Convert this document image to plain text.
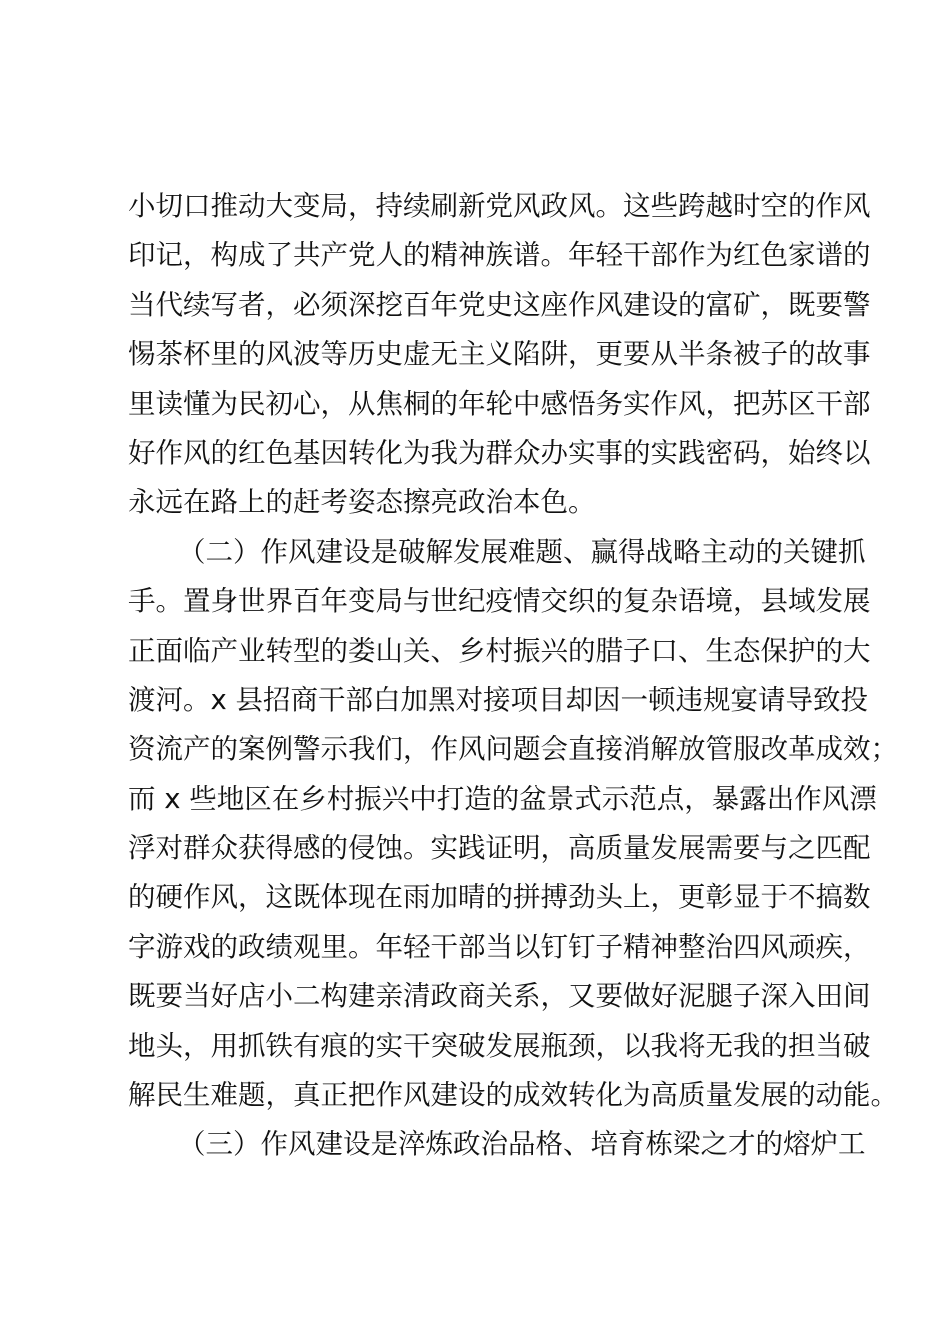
小切口推动大变局，持续刷新党风政风。这些跨越时空的作风
印记，构成了共产党人的精神族谱。年轻干部作为红色家谱的
当代续写者，必须深挖百年党史这座作风建设的富矿，既要警
惕茶杯里的风波等历史虚无主义陷阱，更要从半条被子的故事
里读懂为民初心，从焦桐的年轮中感悟务实作风，把苏区干部
好作风的红色基因转化为我为群众办实事的实践密码，始终以
永远在路上的赶考姿态擦亮政治本色。
（二）作风建设是破解发展难题、赢得战略主动的关键抓
手。置身世界百年变局与世纪疫情交织的复杂语境，县域发展
正面临产业转型的娄山关、乡村振兴的腊子口、生态保护的大
渡河。x 县招商干部白加黑对接项目却因一顿违规宴请导致投
资流产的案例警示我们，作风问题会直接消解放管服改革成效；
而 x 些地区在乡村振兴中打造的盆景式示范点，暴露出作风漂
浮对群众获得感的侵蚀。实践证明，高质量发展需要与之匹配
的硬作风，这既体现在雨加晴的拼搏劲头上，更彰显于不搞数
字游戏的政绩观里。年轻干部当以钉钉子精神整治四风顽疾，
既要当好店小二构建亲清政商关系，又要做好泥腿子深入田间
地头，用抓铁有痕的实干突破发展瓶颈，以我将无我的担当破
解民生难题，真正把作风建设的成效转化为高质量发展的动能。
（三）作风建设是淬炼政治品格、培育栋梁之才的熔炉工
